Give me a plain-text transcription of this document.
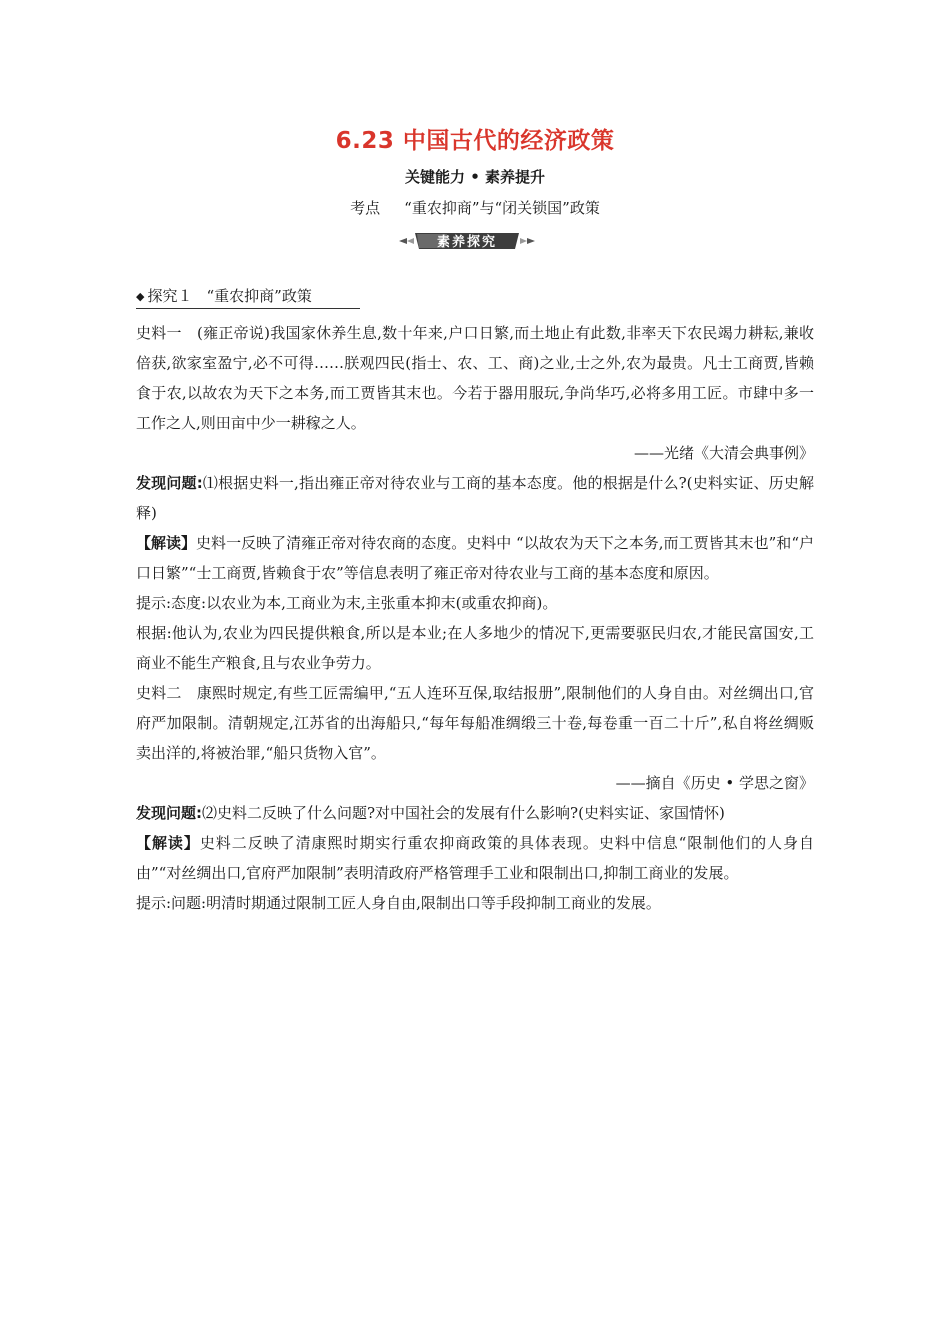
6.23 中国古代的经济政策
关键能力 • 素养提升
考点 “重农抑商”与“闭关锁国”政策
素养探究
◆ 探究１ “重农抑商”政策

史料一　(雍正帝说)我国家休养生息,数十年来,户口日繁,而土地止有此数,非率天下农民竭力耕耘,兼收倍获,欲家室盈宁,必不可得……朕观四民(指士、农、工、商)之业,士之外,农为最贵。凡士工商贾,皆赖食于农,以故农为天下之本务,而工贾皆其末也。今若于器用服玩,争尚华巧,必将多用工匠。市肆中多一工作之人,则田亩中少一耕稼之人。

——光绪《大清会典事例》

发现问题:⑴根据史料一,指出雍正帝对待农业与工商的基本态度。他的根据是什么?(史料实证、历史解释)

【解读】史料一反映了清雍正帝对待农商的态度。史料中 “以故农为天下之本务,而工贾皆其末也”和“户口日繁”“士工商贾,皆赖食于农”等信息表明了雍正帝对待农业与工商的基本态度和原因。

提示:态度:以农业为本,工商业为末,主张重本抑末(或重农抑商)。

根据:他认为,农业为四民提供粮食,所以是本业;在人多地少的情况下,更需要驱民归农,才能民富国安,工商业不能生产粮食,且与农业争劳力。

史料二　康熙时规定,有些工匠需编甲,“五人连环互保,取结报册”,限制他们的人身自由。对丝绸出口,官府严加限制。清朝规定,江苏省的出海船只,“每年每船准绸缎三十卷,每卷重一百二十斤”,私自将丝绸贩卖出洋的,将被治罪,“船只货物入官”。

——摘自《历史 • 学思之窗》

发现问题:⑵史料二反映了什么问题?对中国社会的发展有什么影响?(史料实证、家国情怀)

【解读】史料二反映了清康熙时期实行重农抑商政策的具体表现。史料中信息“限制他们的人身自由”“对丝绸出口,官府严加限制”表明清政府严格管理手工业和限制出口,抑制工商业的发展。

提示:问题:明清时期通过限制工匠人身自由,限制出口等手段抑制工商业的发展。
